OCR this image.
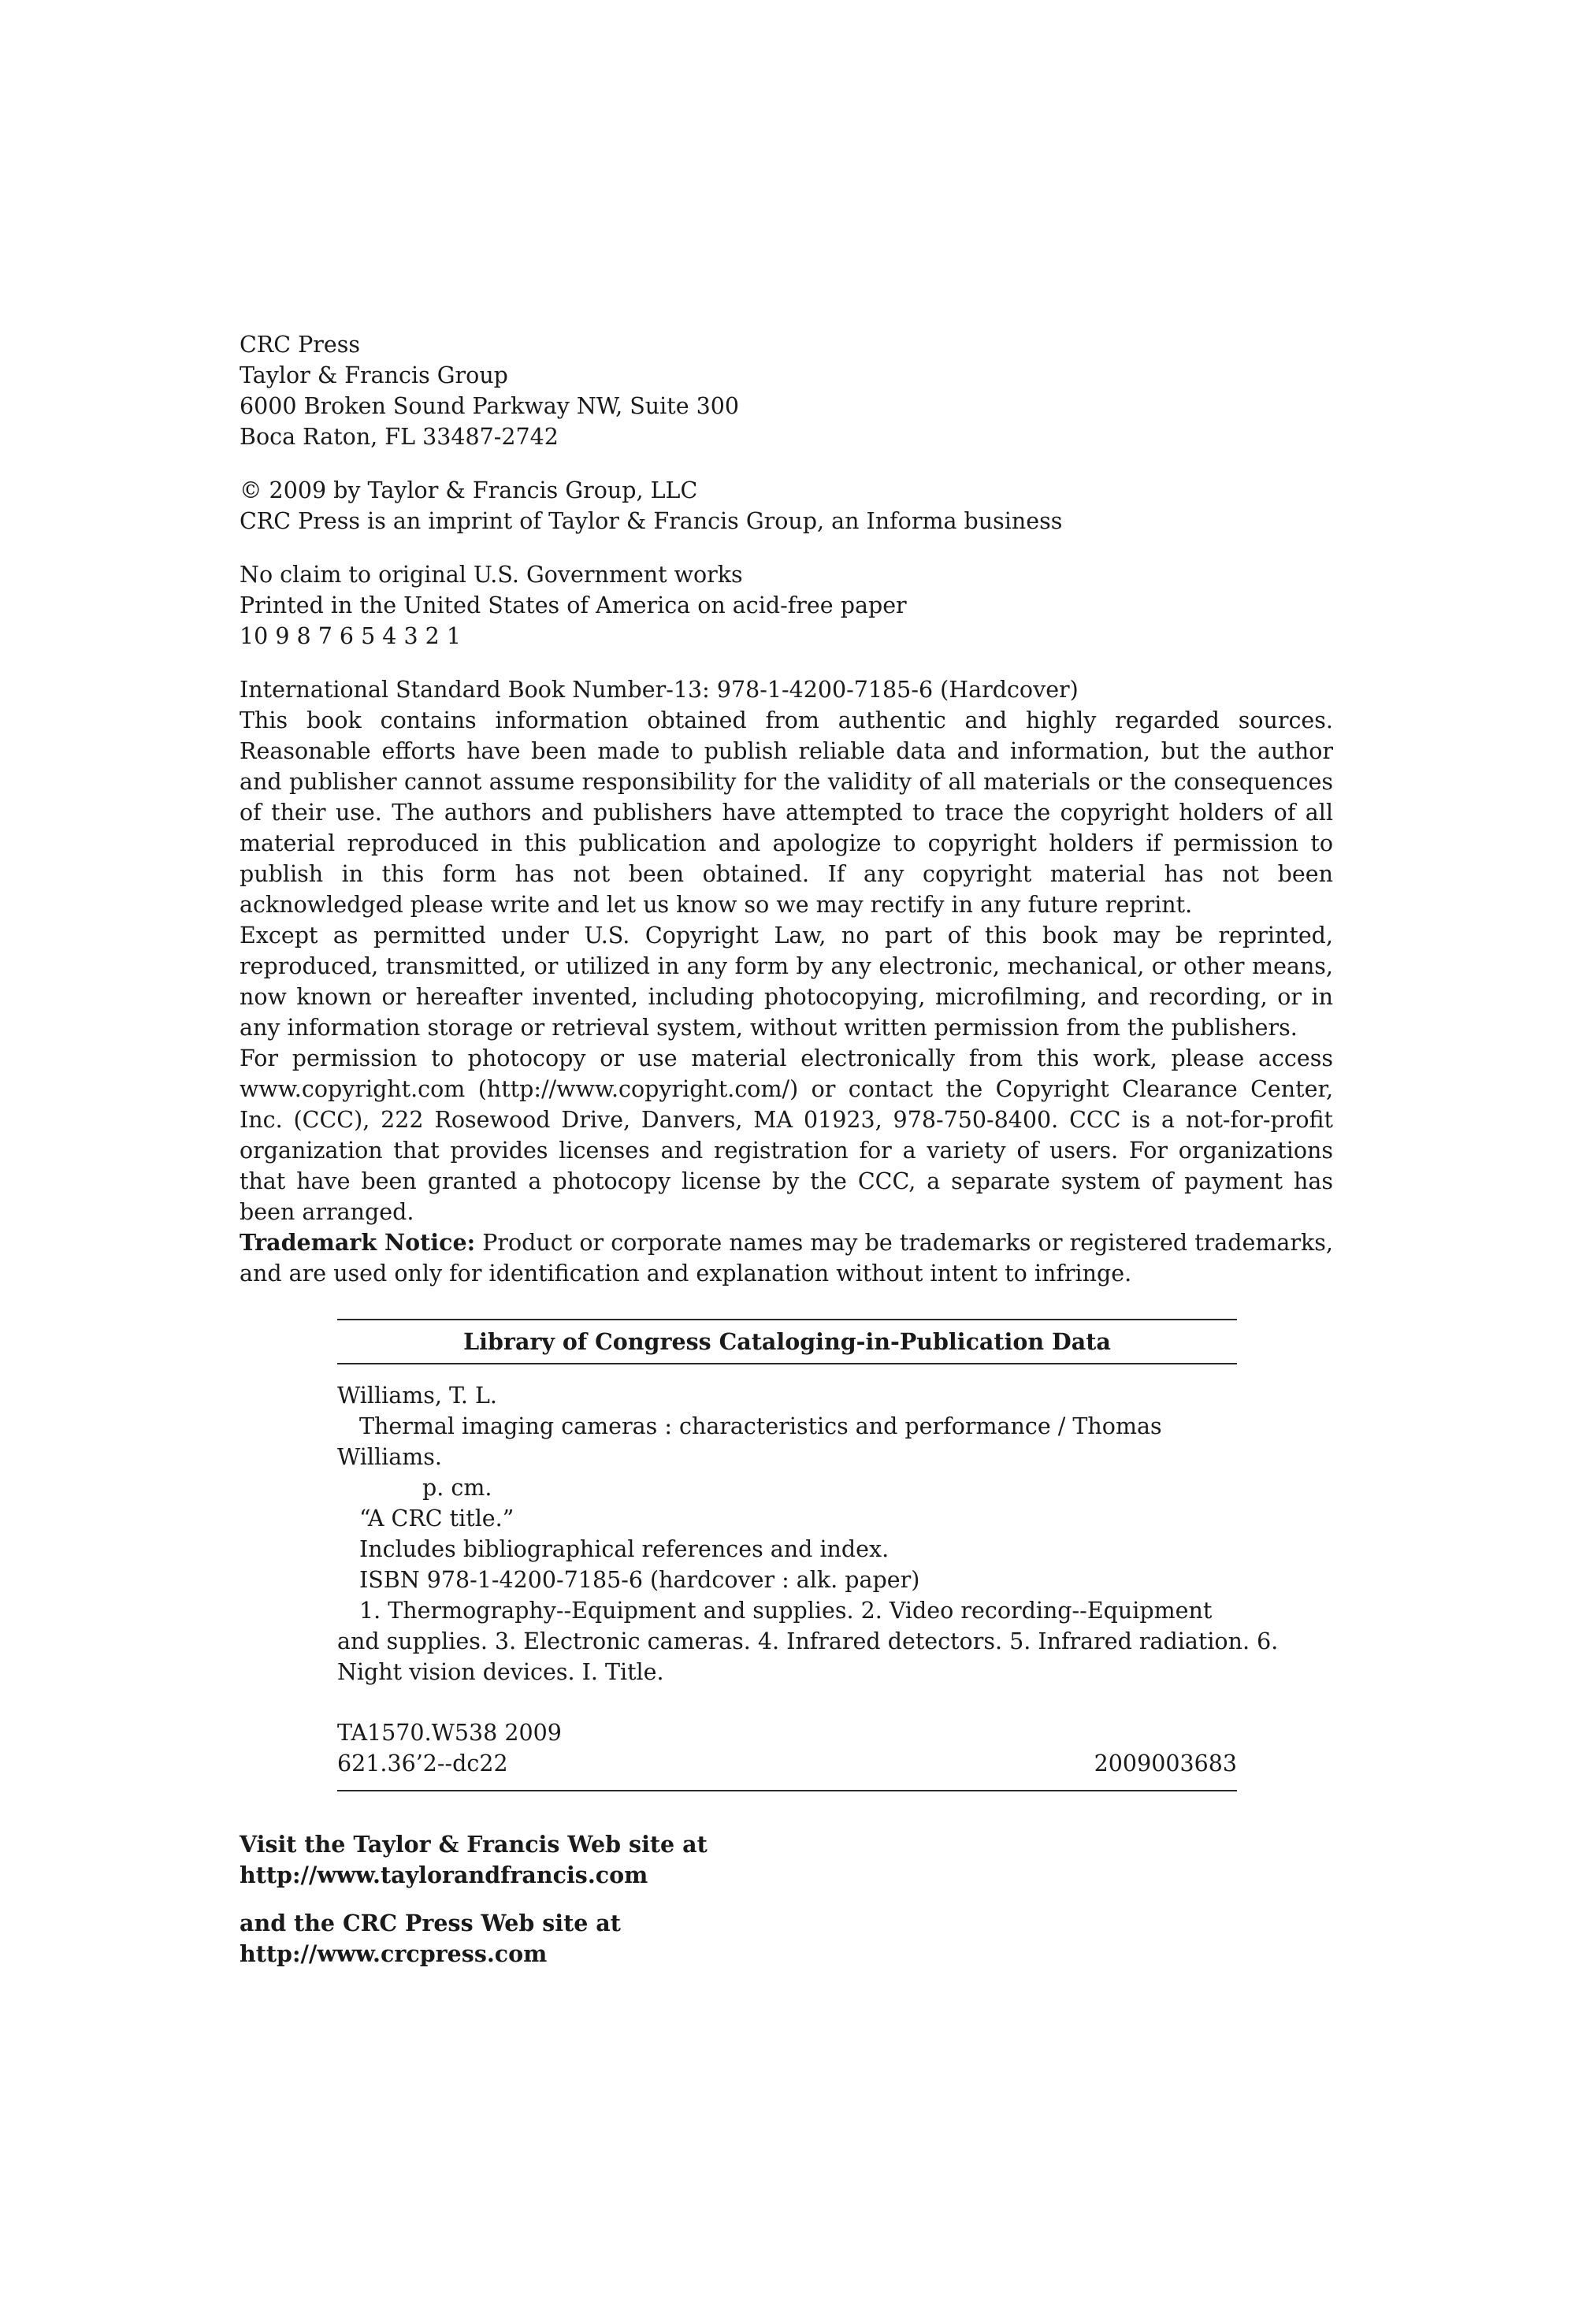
CRC Press
Taylor & Francis Group
6000 Broken Sound Parkway NW, Suite 300
Boca Raton, FL 33487-2742
© 2009 by Taylor & Francis Group, LLC
CRC Press is an imprint of Taylor & Francis Group, an Informa business
No claim to original U.S. Government works
Printed in the United States of America on acid-free paper
10 9 8 7 6 5 4 3 2 1
International Standard Book Number-13: 978-1-4200-7185-6 (Hardcover)

This book contains information obtained from authentic and highly regarded sources. Reasonable efforts have been made to publish reliable data and information, but the author and publisher cannot assume responsibility for the validity of all materials or the consequences of their use. The authors and publishers have attempted to trace the copyright holders of all material reproduced in this publication and apologize to copyright holders if permission to publish in this form has not been obtained. If any copyright material has not been acknowledged please write and let us know so we may rectify in any future reprint.

Except as permitted under U.S. Copyright Law, no part of this book may be reprinted, reproduced, transmitted, or utilized in any form by any electronic, mechanical, or other means, now known or hereafter invented, including photocopying, microfilming, and recording, or in any information storage or retrieval system, without written permission from the publishers.

For permission to photocopy or use material electronically from this work, please access www.copyright.com (http://www.copyright.com/) or contact the Copyright Clearance Center, Inc. (CCC), 222 Rosewood Drive, Danvers, MA 01923, 978-750-8400. CCC is a not-for-profit organization that provides licenses and registration for a variety of users. For organizations that have been granted a photocopy license by the CCC, a separate system of payment has been arranged.

Trademark Notice: Product or corporate names may be trademarks or registered trademarks, and are used only for identification and explanation without intent to infringe.

Library of Congress Cataloging-in-Publication Data
Williams, T. L.
Thermal imaging cameras : characteristics and performance / Thomas
Williams.
p. cm.
“A CRC title.”
Includes bibliographical references and index.
ISBN 978-1-4200-7185-6 (hardcover : alk. paper)
1. Thermography--Equipment and supplies. 2. Video recording--Equipment
and supplies. 3. Electronic cameras. 4. Infrared detectors. 5. Infrared radiation. 6.
Night vision devices. I. Title.
TA1570.W538 2009
621.36’2--dc22	2009003683
Visit the Taylor & Francis Web site at
http://www.taylorandfrancis.com
and the CRC Press Web site at
http://www.crcpress.com
